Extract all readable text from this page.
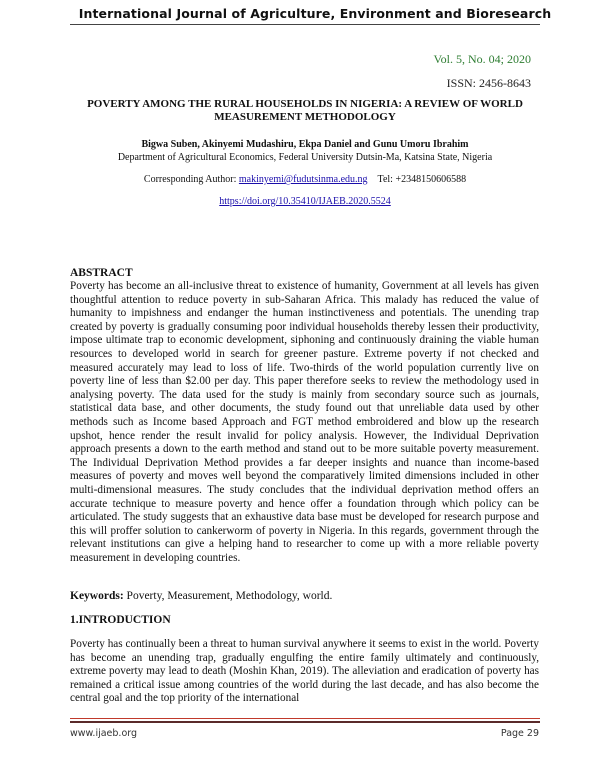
International Journal of Agriculture, Environment and Bioresearch
Vol. 5, No. 04; 2020
ISSN: 2456-8643
POVERTY AMONG THE RURAL HOUSEHOLDS IN NIGERIA: A REVIEW OF WORLD MEASUREMENT METHODOLOGY
Bigwa Suben, Akinyemi Mudashiru, Ekpa Daniel and Gunu Umoru Ibrahim
Department of Agricultural Economics, Federal University Dutsin-Ma, Katsina State, Nigeria
Corresponding Author: makinyemi@fudutsinma.edu.ng Tel: +2348150606588
https://doi.org/10.35410/IJAEB.2020.5524
ABSTRACT
Poverty has become an all-inclusive threat to existence of humanity, Government at all levels has given thoughtful attention to reduce poverty in sub-Saharan Africa. This malady has reduced the value of humanity to impishness and endanger the human instinctiveness and potentials. The unending trap created by poverty is gradually consuming poor individual households thereby lessen their productivity, impose ultimate trap to economic development, siphoning and continuously draining the viable human resources to developed world in search for greener pasture. Extreme poverty if not checked and measured accurately may lead to loss of life. Two-thirds of the world population currently live on poverty line of less than $2.00 per day. This paper therefore seeks to review the methodology used in analysing poverty. The data used for the study is mainly from secondary source such as journals, statistical data base, and other documents, the study found out that unreliable data used by other methods such as Income based Approach and FGT method embroidered and blow up the research upshot, hence render the result invalid for policy analysis. However, the Individual Deprivation approach presents a down to the earth method and stand out to be more suitable poverty measurement. The Individual Deprivation Method provides a far deeper insights and nuance than income-based measures of poverty and moves well beyond the comparatively limited dimensions included in other multi-dimensional measures. The study concludes that the individual deprivation method offers an accurate technique to measure poverty and hence offer a foundation through which policy can be articulated. The study suggests that an exhaustive data base must be developed for research purpose and this will proffer solution to cankerworm of poverty in Nigeria. In this regards, government through the relevant institutions can give a helping hand to researcher to come up with a more reliable poverty measurement in developing countries.
Keywords: Poverty, Measurement, Methodology, world.
1.INTRODUCTION
Poverty has continually been a threat to human survival anywhere it seems to exist in the world. Poverty has become an unending trap, gradually engulfing the entire family ultimately and continuously, extreme poverty may lead to death (Moshin Khan, 2019). The alleviation and eradication of poverty has remained a critical issue among countries of the world during the last decade, and has also become the central goal and the top priority of the international
www.ijaeb.org	Page 29
